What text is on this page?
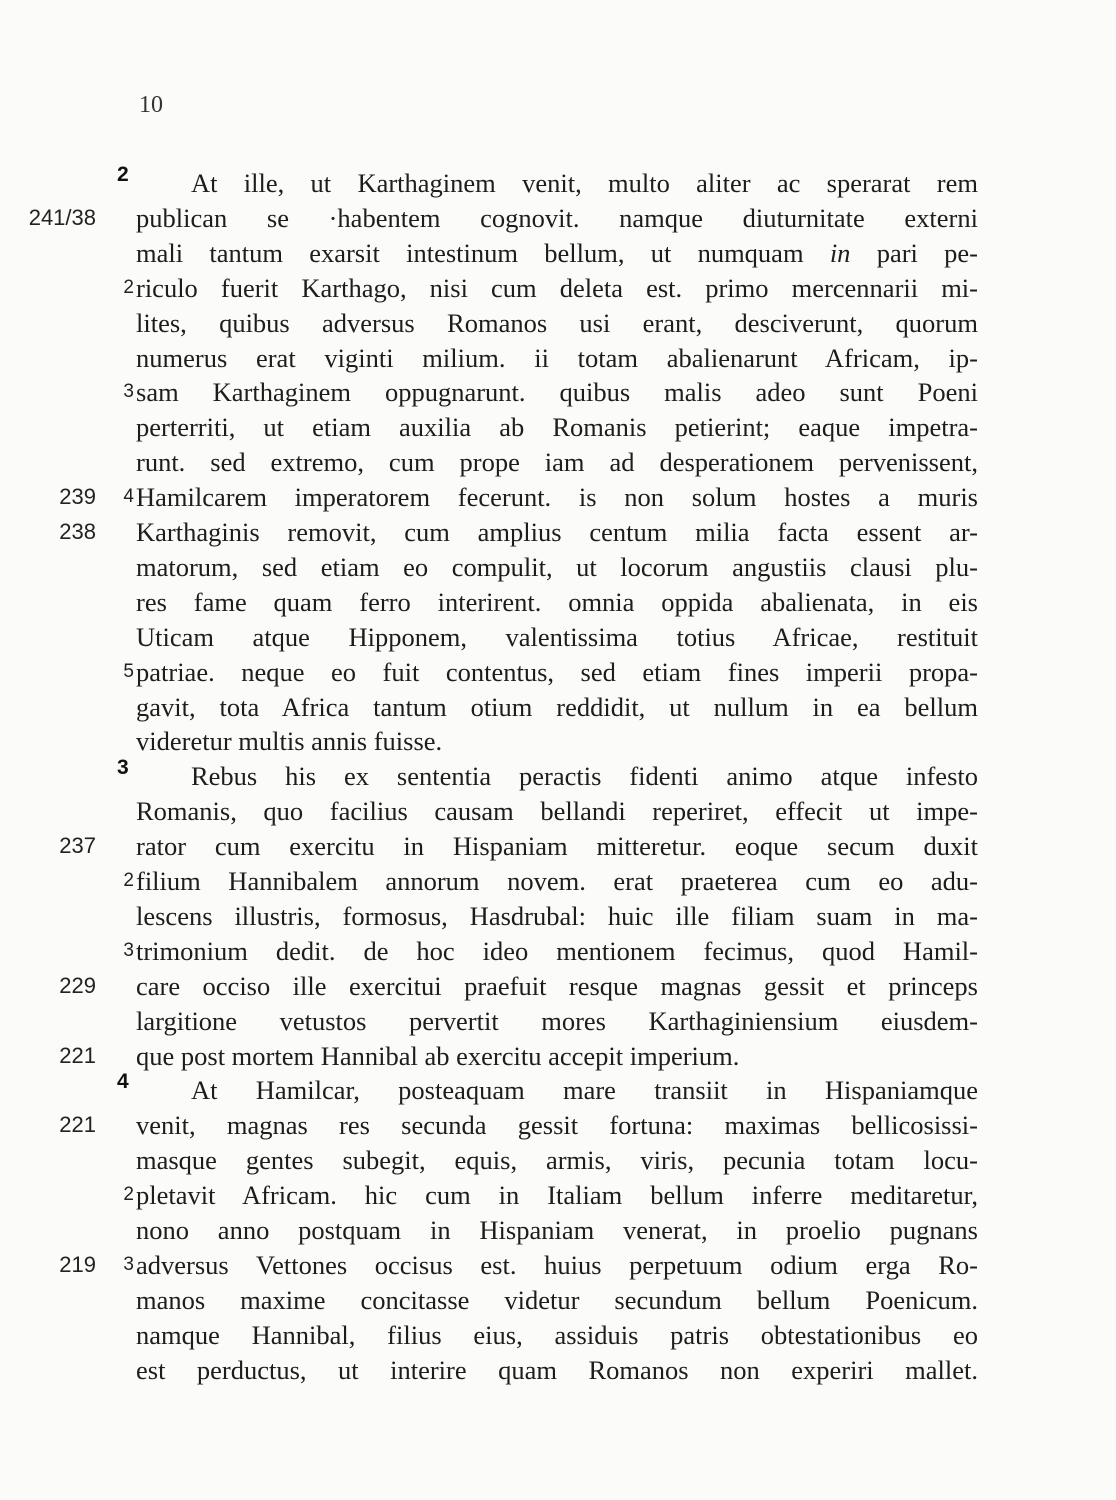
10
2 At ille, ut Karthaginem venit, multo aliter ac sperarat rem
241/38 publican se ·habentem cognovit. namque diuturnitate externi
mali tantum exarsit intestinum bellum, ut numquam in pari pe-
2 riculo fuerit Karthago, nisi cum deleta est. primo mercennarii mi-
lites, quibus adversus Romanos usi erant, desciverunt, quorum
numerus erat viginti milium. ii totam abalienarunt Africam, ip-
3 sam Karthaginem oppugnarunt. quibus malis adeo sunt Poeni
perterriti, ut etiam auxilia ab Romanis petierint; eaque impetra-
runt. sed extremo, cum prope iam ad desperationem pervenissent,
239 4 Hamilcarem imperatorem fecerunt. is non solum hostes a muris
238 Karthaginis removit, cum amplius centum milia facta essent ar-
matorum, sed etiam eo compulit, ut locorum angustiis clausi plu-
res fame quam ferro interirent. omnia oppida abalienata, in eis
Uticam atque Hipponem, valentissima totius Africae, restituit
5 patriae. neque eo fuit contentus, sed etiam fines imperii propa-
gavit, tota Africa tantum otium reddidit, ut nullum in ea bellum
videretur multis annis fuisse.
3 Rebus his ex sententia peractis fidenti animo atque infesto
Romanis, quo facilius causam bellandi reperiret, effecit ut impe-
237 rator cum exercitu in Hispaniam mitteretur. eoque secum duxit
2 filium Hannibalem annorum novem. erat praeterea cum eo adu-
lescens illustris, formosus, Hasdrubal: huic ille filiam suam in ma-
3 trimonium dedit. de hoc ideo mentionem fecimus, quod Hamil-
229 care occiso ille exercitui praefuit resque magnas gessit et princeps
largitione vetustos pervertit mores Karthaginiensium eiusdem-
221 que post mortem Hannibal ab exercitu accepit imperium.
4 At Hamilcar, posteaquam mare transiit in Hispaniamque
221 venit, magnas res secunda gessit fortuna: maximas bellicosissi-
masque gentes subegit, equis, armis, viris, pecunia totam locu-
2 pletavit Africam. hic cum in Italiam bellum inferre meditaretur,
nono anno postquam in Hispaniam venerat, in proelio pugnans
219 3 adversus Vettones occisus est. huius perpetuum odium erga Ro-
manos maxime concitasse videtur secundum bellum Poenicum.
namque Hannibal, filius eius, assiduis patris obtestationibus eo
est perductus, ut interire quam Romanos non experiri mallet.
